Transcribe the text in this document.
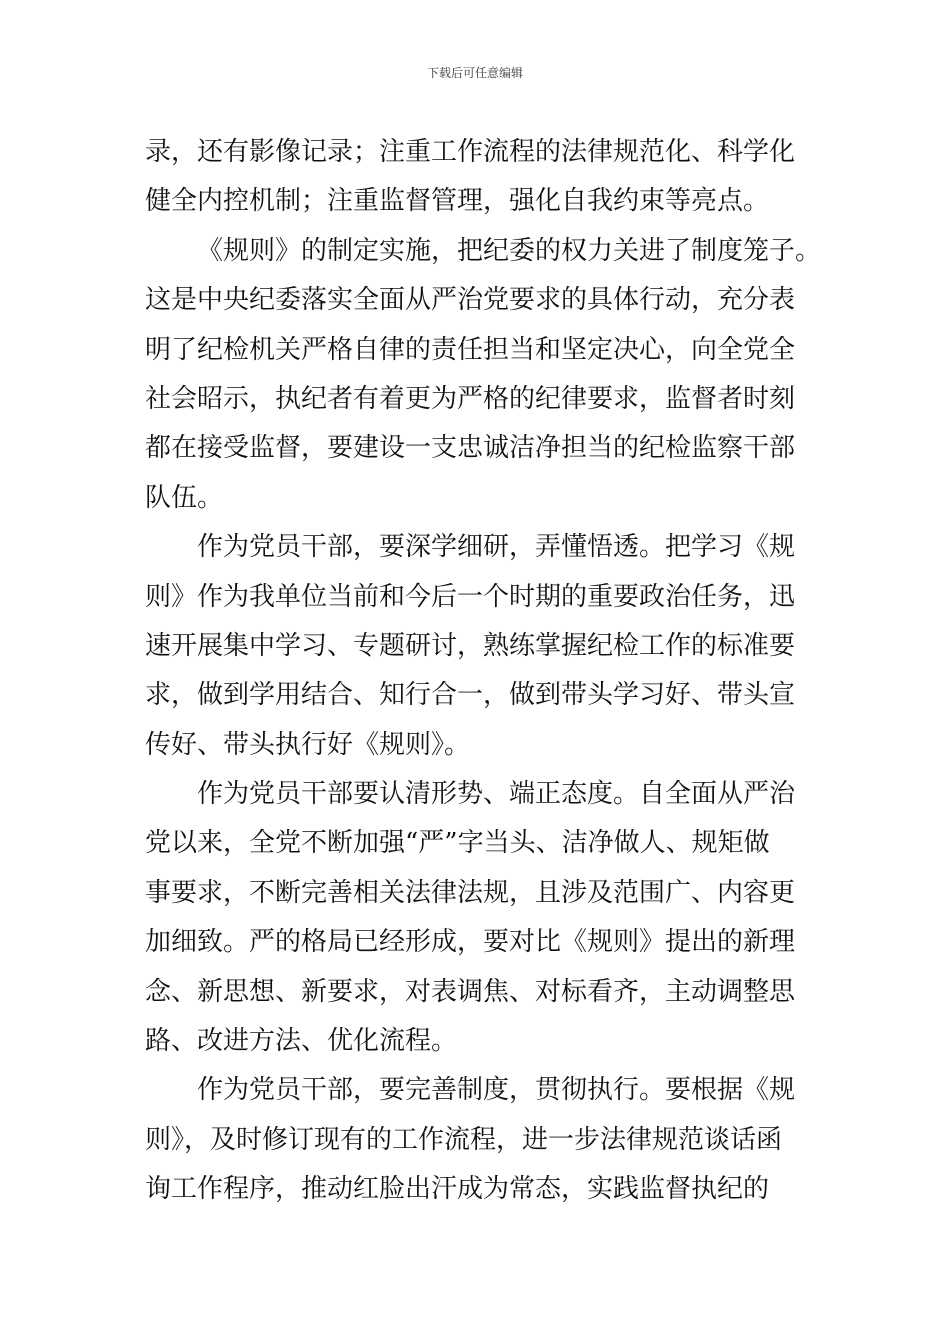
下载后可任意编辑
录，还有影像记录；注重工作流程的法律规范化、科学化
健全内控机制；注重监督管理，强化自我约束等亮点。
《规则》的制定实施，把纪委的权力关进了制度笼子。
这是中央纪委落实全面从严治党要求的具体行动，充分表
明了纪检机关严格自律的责任担当和坚定决心，向全党全
社会昭示，执纪者有着更为严格的纪律要求，监督者时刻
都在接受监督，要建设一支忠诚洁净担当的纪检监察干部
队伍。
作为党员干部，要深学细研，弄懂悟透。把学习《规
则》作为我单位当前和今后一个时期的重要政治任务，迅
速开展集中学习、专题研讨，熟练掌握纪检工作的标准要
求，做到学用结合、知行合一，做到带头学习好、带头宣
传好、带头执行好《规则》。
作为党员干部要认清形势、端正态度。自全面从严治
党以来，全党不断加强“严”字当头、洁净做人、规矩做
事要求，不断完善相关法律法规，且涉及范围广、内容更
加细致。严的格局已经形成，要对比《规则》提出的新理
念、新思想、新要求，对表调焦、对标看齐，主动调整思
路、改进方法、优化流程。
作为党员干部，要完善制度，贯彻执行。要根据《规
则》，及时修订现有的工作流程，进一步法律规范谈话函
询工作程序，推动红脸出汗成为常态，实践监督执纪的
